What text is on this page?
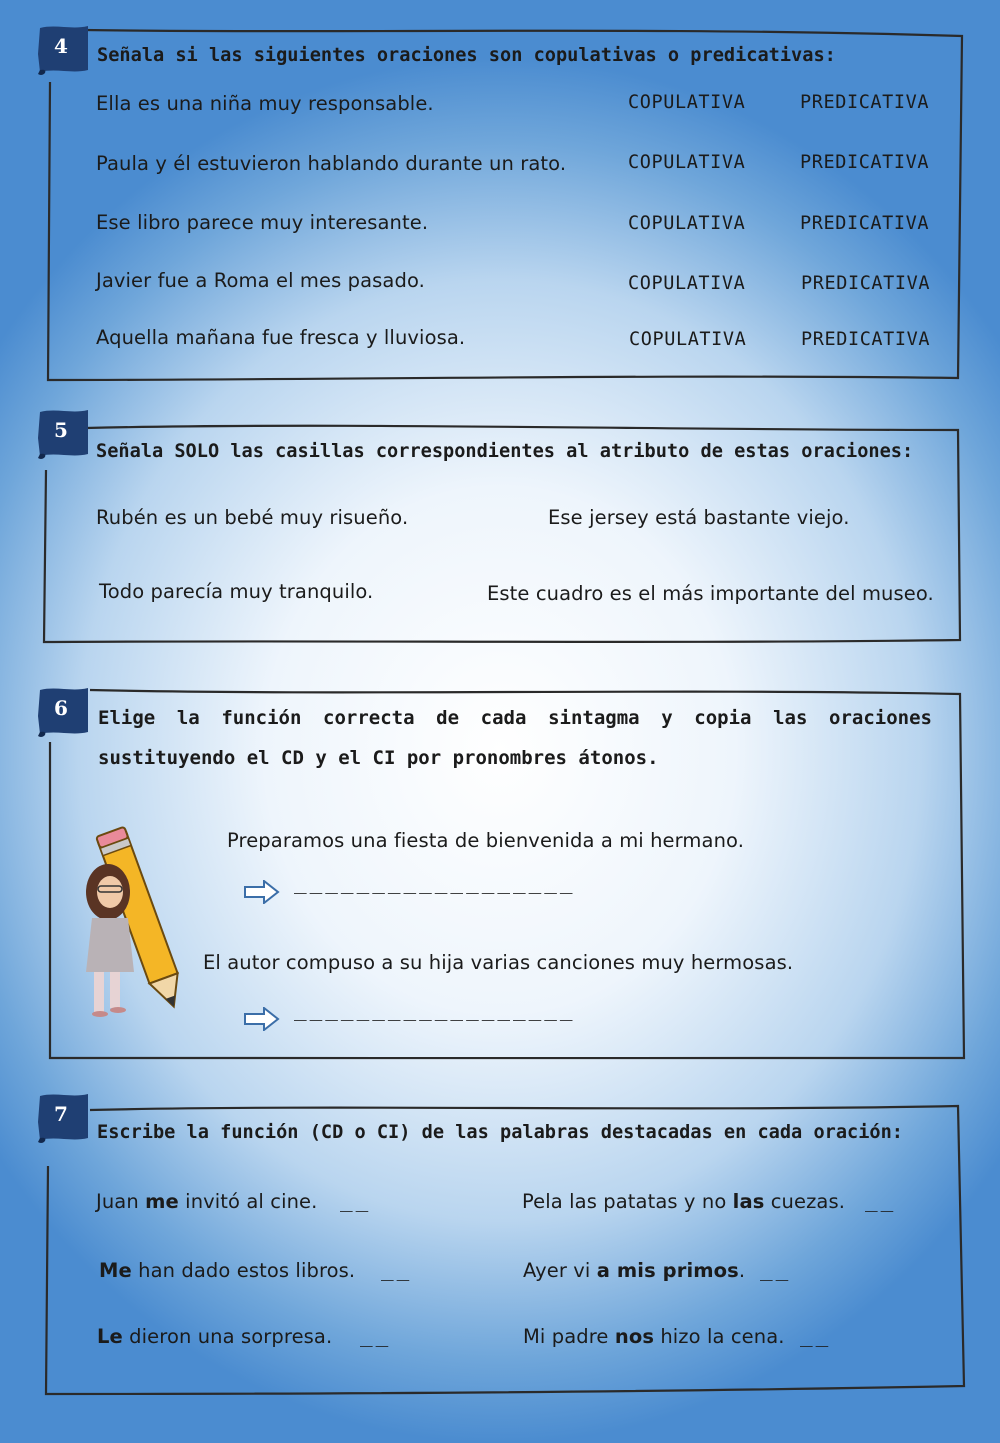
4	Señala si las siguientes oraciones son copulativas o predicativas:
Ella es una niña muy responsable.	COPULATIVA	PREDICATIVA
Paula y él estuvieron hablando durante un rato.	COPULATIVA	PREDICATIVA
Ese libro parece muy interesante.	COPULATIVA	PREDICATIVA
Javier fue a Roma el mes pasado.	COPULATIVA	PREDICATIVA
Aquella mañana fue fresca y lluviosa.	COPULATIVA	PREDICATIVA
5
Señala SOLO las casillas correspondientes al atributo de estas oraciones:
Rubén es un bebé muy risueño.	Ese jersey está bastante viejo.
Todo parecía muy tranquilo.	Este cuadro es el más importante del museo.
6	Elige la función correcta de cada sintagma y copia las oraciones sustituyendo el CD y el CI por pronombres átonos.
Preparamos una fiesta de bienvenida a mi hermano.
__________________
El autor compuso a su hija varias canciones muy hermosas.
__________________
7
Escribe la función (CD o CI) de las palabras destacadas en cada oración:
Juan me invitó al cine. __	Pela las patatas y no las cuezas. __
Me han dado estos libros. __	Ayer vi a mis primos. __
Le dieron una sorpresa. __	Mi padre nos hizo la cena. __
